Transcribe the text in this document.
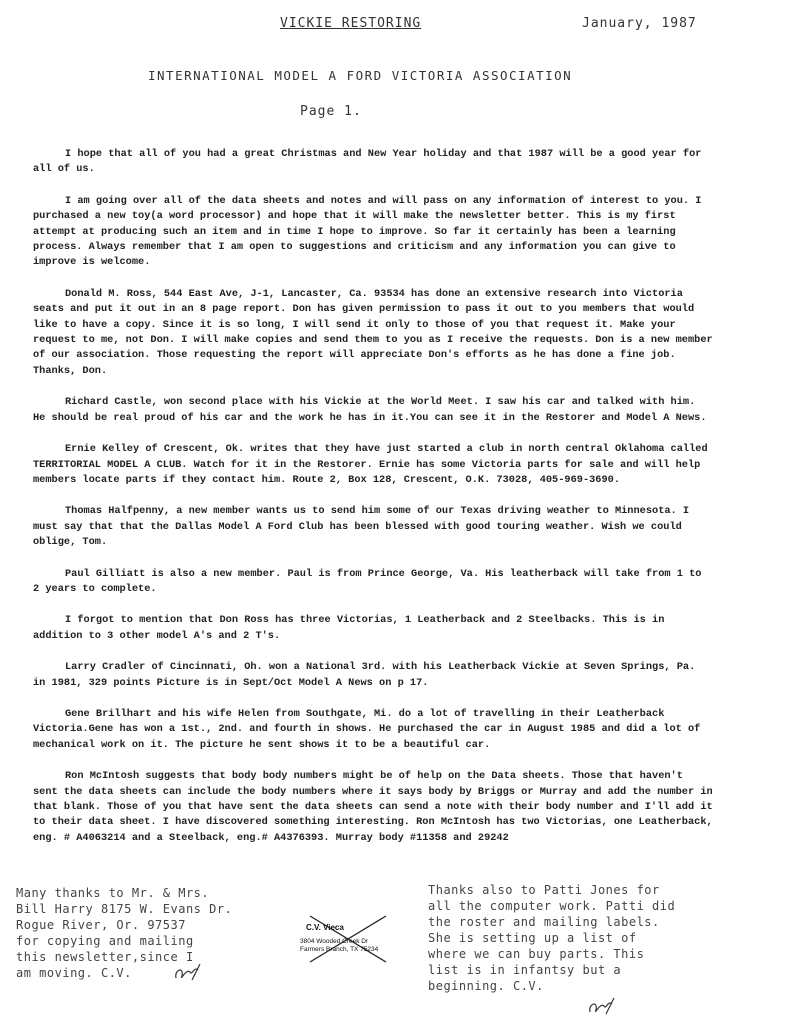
VICKIE RESTORING	January, 1987
INTERNATIONAL MODEL A FORD VICTORIA ASSOCIATION
Page 1.

I hope that all of you had a great Christmas and New Year holiday and that 1987 will be a good year for all of us.

I am going over all of the data sheets and notes and will pass on any information of interest to you. I purchased a new toy(a word processor) and hope that it will make the newsletter better. This is my first attempt at producing such an item and in time I hope to improve. So far it certainly has been a learning process. Always remember that I am open to suggestions and criticism and any information you can give to improve is welcome.

Donald M. Ross, 544 East Ave, J-1, Lancaster, Ca. 93534 has done an extensive research into Victoria seats and put it out in an 8 page report. Don has given permission to pass it out to you members that would like to have a copy. Since it is so long, I will send it only to those of you that request it. Make your request to me, not Don. I will make copies and send them to you as I receive the requests. Don is a new member of our association. Those requesting the report will appreciate Don's efforts as he has done a fine job. Thanks, Don.

Richard Castle, won second place with his Vickie at the World Meet. I saw his car and talked with him. He should be real proud of his car and the work he has in it.You can see it in the Restorer and Model A News.

Ernie Kelley of Crescent, Ok. writes that they have just started a club in north central Oklahoma called TERRITORIAL MODEL A CLUB. Watch for it in the Restorer. Ernie has some Victoria parts for sale and will help members locate parts if they contact him. Route 2, Box 128, Crescent, O.K. 73028, 405-969-3690.

Thomas Halfpenny, a new member wants us to send him some of our Texas driving weather to Minnesota. I must say that that the Dallas Model A Ford Club has been blessed with good touring weather. Wish we could oblige, Tom.

Paul Gilliatt is also a new member. Paul is from Prince George, Va. His leatherback will take from 1 to 2 years to complete.

I forgot to mention that Don Ross has three Victorias, 1 Leatherback and 2 Steelbacks. This is in addition to 3 other model A's and 2 T's.

Larry Cradler of Cincinnati, Oh. won a National 3rd. with his Leatherback Vickie at Seven Springs, Pa. in 1981, 329 points Picture is in Sept/Oct Model A News on p 17.

Gene Brillhart and his wife Helen from Southgate, Mi. do a lot of travelling in their Leatherback Victoria.Gene has won a 1st., 2nd. and fourth in shows. He purchased the car in August 1985 and did a lot of mechanical work on it. The picture he sent shows it to be a beautiful car.

Ron McIntosh suggests that body body numbers might be of help on the Data sheets. Those that haven't sent the data sheets can include the body numbers where it says body by Briggs or Murray and add the number in that blank. Those of you that have sent the data sheets can send a note with their body number and I'll add it to their data sheet. I have discovered something interesting. Ron McIntosh has two Victorias, one Leatherback, eng. # A4063214 and a Steelback, eng.# A4376393. Murray body #11358 and 29242

Many thanks to Mr. & Mrs.
Bill Harry 8175 W. Evans Dr.
Rogue River, Or. 97537
for copying and mailing
this newsletter,since I
am moving. C.V.
C.V. Vieca
3804 Wooded Creek Dr
Farmers Branch, TX 75234
Thanks also to Patti Jones for
all the computer work. Patti did
the roster and mailing labels.
She is setting up a list of
where we can buy parts. This
list is in infantsy but a
beginning. C.V.
